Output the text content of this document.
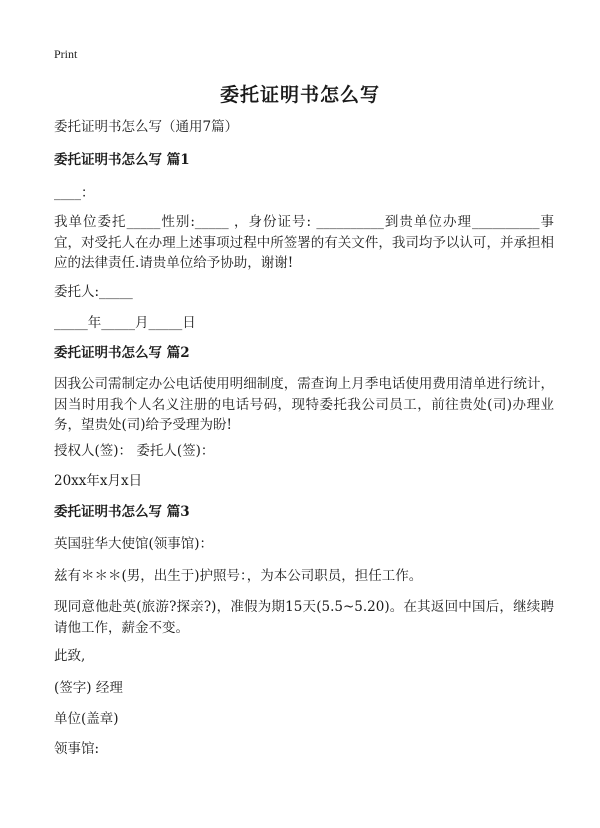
Print
委托证明书怎么写
委托证明书怎么写（通用7篇）
委托证明书怎么写 篇1
____：
我单位委托_____性别:_____ ，身份证号: __________到贵单位办理__________事宜，对受托人在办理上述事项过程中所签署的有关文件，我司均予以认可，并承担相应的法律责任.请贵单位给予协助，谢谢!
委托人:_____
_____年_____月_____日
委托证明书怎么写 篇2
因我公司需制定办公电话使用明细制度，需查询上月季电话使用费用清单进行统计，因当时用我个人名义注册的电话号码，现特委托我公司员工，前往贵处(司)办理业务，望贵处(司)给予受理为盼!
授权人(签)： 委托人(签)：
20xx年x月x日
委托证明书怎么写 篇3
英国驻华大使馆(领事馆)：
兹有＊＊＊(男，出生于)护照号：，为本公司职员，担任工作。
现同意他赴英(旅游?探亲?)，准假为期15天(5.5~5.20)。在其返回中国后，继续聘请他工作，薪金不变。
此致,
(签字) 经理
单位(盖章)
领事馆:
